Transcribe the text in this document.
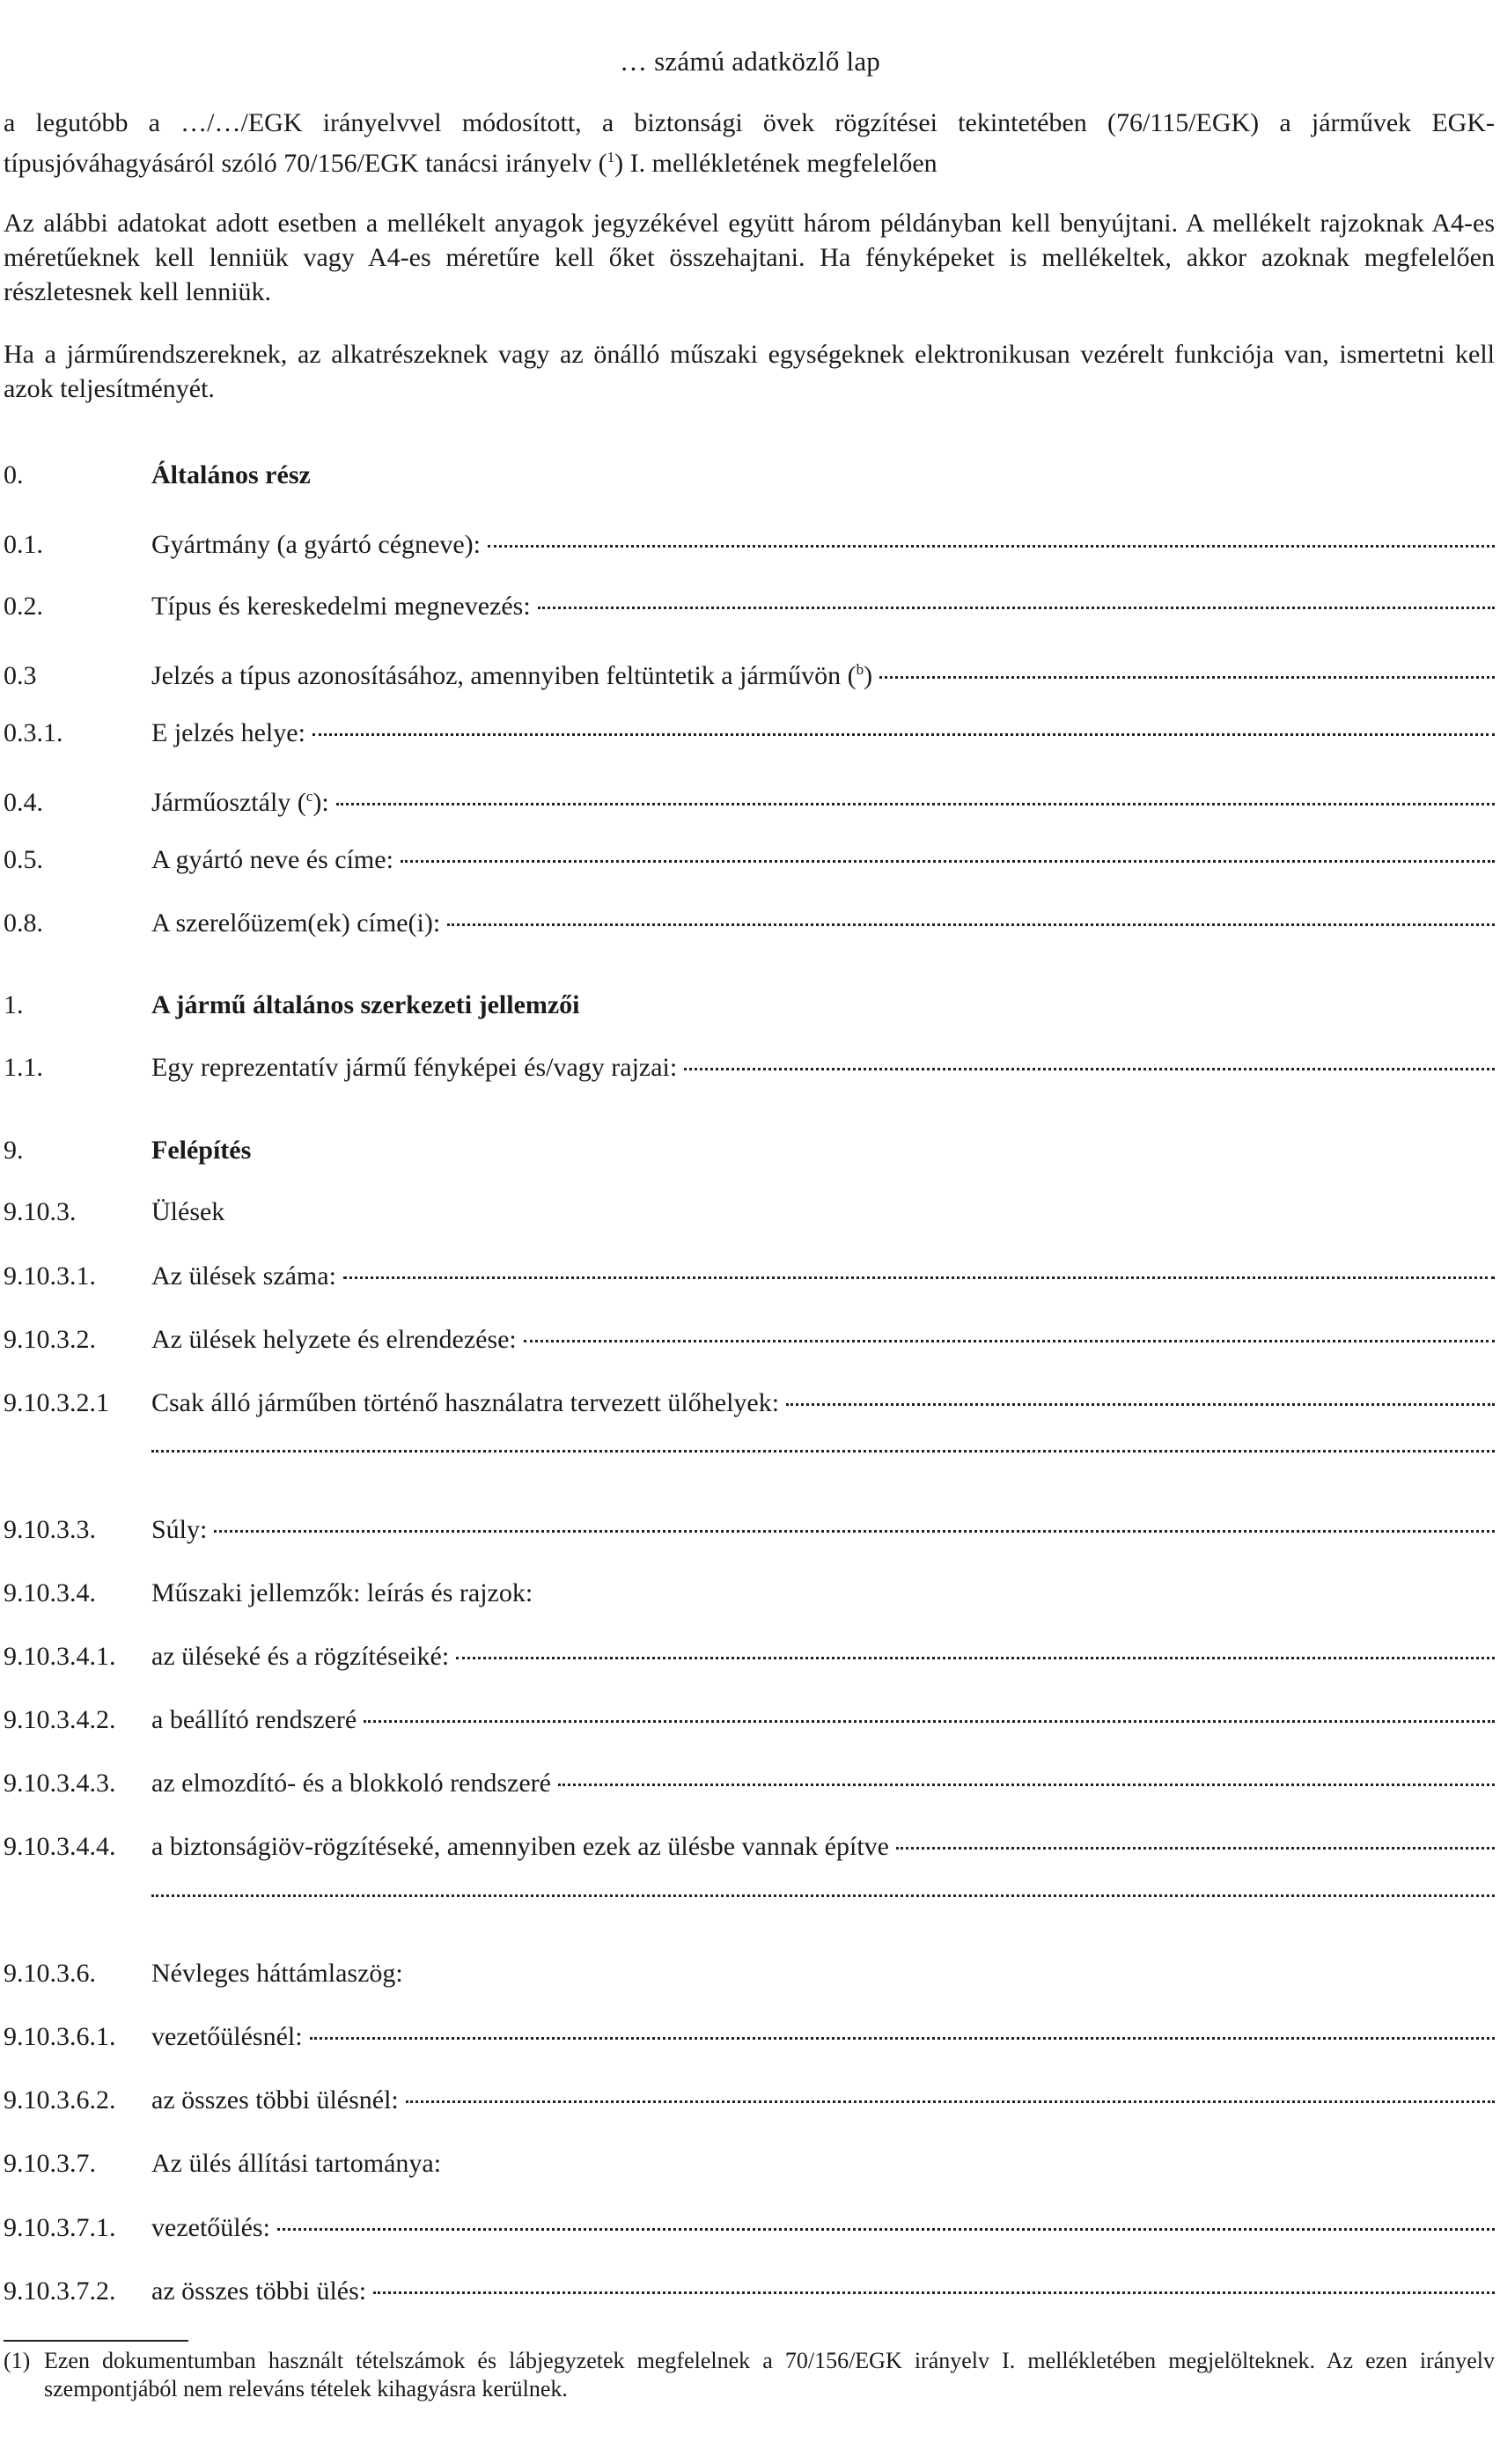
… számú adatközlő lap
a legutóbb a …/…/EGK irányelvvel módosított, a biztonsági övek rögzítései tekintetében (76/115/EGK) a járművek EGK-típusjóváhagyásáról szóló 70/156/EGK tanácsi irányelv ($^1$) I. mellékletének megfelelően
Az alábbi adatokat adott esetben a mellékelt anyagok jegyzékével együtt három példányban kell benyújtani. A mellékelt rajzoknak A4-es méretűeknek kell lenniük vagy A4-es méretűre kell őket összehajtani. Ha fényképeket is mellékeltek, akkor azoknak megfelelően részletesnek kell lenniük.
Ha a járműrendszereknek, az alkatrészeknek vagy az önálló műszaki egységeknek elektronikusan vezérelt funkciója van, ismertetni kell azok teljesítményét.
0.	Általános rész
0.1.	Gyártmány (a gyártó cégneve):
0.2.	Típus és kereskedelmi megnevezés:
0.3	Jelzés a típus azonosításához, amennyiben feltüntetik a járművön ($^b$)
0.3.1.	E jelzés helye:
0.4.	Járműosztály ($^c$):
0.5.	A gyártó neve és címe:
0.8.	A szerelőüzem(ek) címe(i):
1.	A jármű általános szerkezeti jellemzői
1.1.	Egy reprezentatív jármű fényképei és/vagy rajzai:
9.	Felépítés
9.10.3.	Ülések
9.10.3.1.	Az ülések száma:
9.10.3.2.	Az ülések helyzete és elrendezése:
9.10.3.2.1	Csak álló járműben történő használatra tervezett ülőhelyek:
9.10.3.3.	Súly:
9.10.3.4.	Műszaki jellemzők: leírás és rajzok:
9.10.3.4.1.	az üléseké és a rögzítéseiké:
9.10.3.4.2.	a beállító rendszeré
9.10.3.4.3.	az elmozdító- és a blokkoló rendszeré
9.10.3.4.4.	a biztonságiöv-rögzítéseké, amennyiben ezek az ülésbe vannak építve
9.10.3.6.	Névleges háttámlaszög:
9.10.3.6.1.	vezetőülésnél:
9.10.3.6.2.	az összes többi ülésnél:
9.10.3.7.	Az ülés állítási tartománya:
9.10.3.7.1.	vezetőülés:
9.10.3.7.2.	az összes többi ülés:
(1) Ezen dokumentumban használt tételszámok és lábjegyzetek megfelelnek a 70/156/EGK irányelv I. mellékletében megjelölteknek. Az ezen irányelv szempontjából nem releváns tételek kihagyásra kerülnek.
